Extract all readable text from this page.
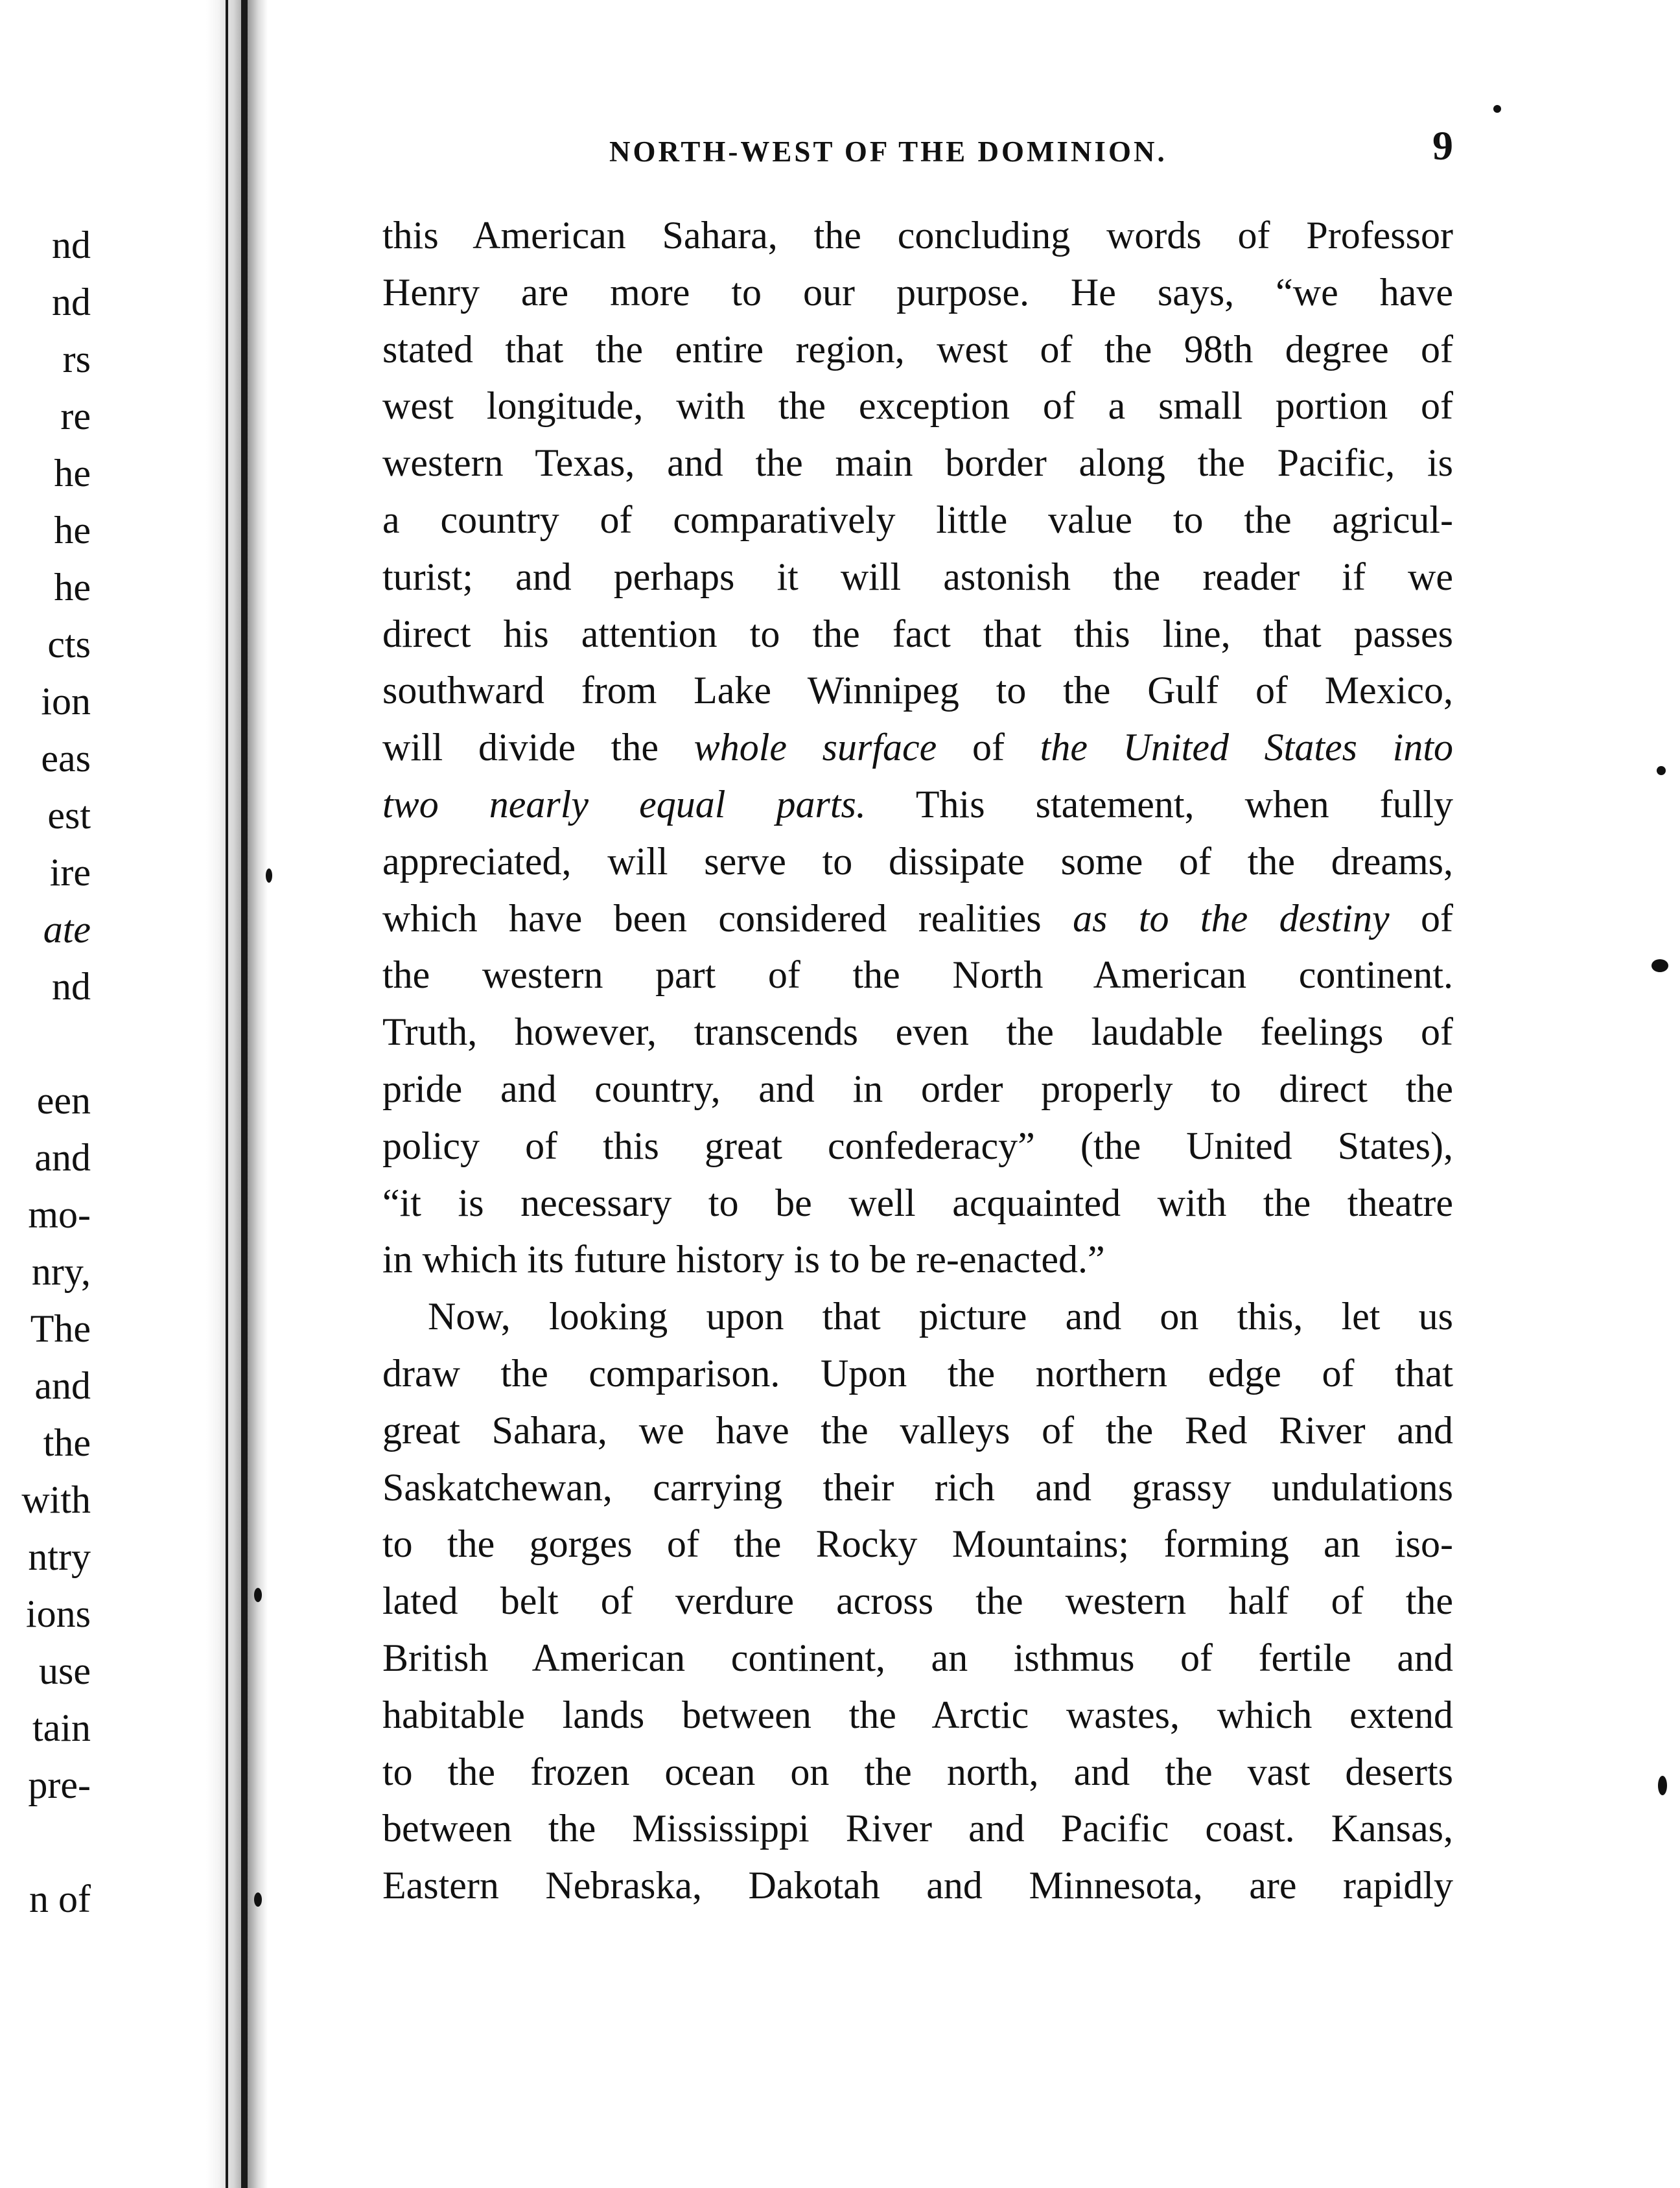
nd
nd
rs
re
he
he
he
cts
ion
eas
est
ire
ate
nd
een
and
mo-
nry,
The
and
the
with
ntry
ions
use
tain
pre-
n of
NORTH-WEST OF THE DOMINION.	9
this American Sahara, the concluding words of Professor
Henry are more to our purpose. He says, “we have
stated that the entire region, west of the 98th degree of
west longitude, with the exception of a small portion of
western Texas, and the main border along the Pacific, is
a country of comparatively little value to the agricul-
turist; and perhaps it will astonish the reader if we
direct his attention to the fact that this line, that passes
southward from Lake Winnipeg to the Gulf of Mexico,
will divide the whole surface of the United States into
two nearly equal parts. This statement, when fully
appreciated, will serve to dissipate some of the dreams,
which have been considered realities as to the destiny of
the western part of the North American continent.
Truth, however, transcends even the laudable feelings of
pride and country, and in order properly to direct the
policy of this great confederacy” (the United States),
“it is necessary to be well acquainted with the theatre
in which its future history is to be re-enacted.”
Now, looking upon that picture and on this, let us
draw the comparison. Upon the northern edge of that
great Sahara, we have the valleys of the Red River and
Saskatchewan, carrying their rich and grassy undulations
to the gorges of the Rocky Mountains; forming an iso-
lated belt of verdure across the western half of the
British American continent, an isthmus of fertile and
habitable lands between the Arctic wastes, which extend
to the frozen ocean on the north, and the vast deserts
between the Mississippi River and Pacific coast. Kansas,
Eastern Nebraska, Dakotah and Minnesota, are rapidly
